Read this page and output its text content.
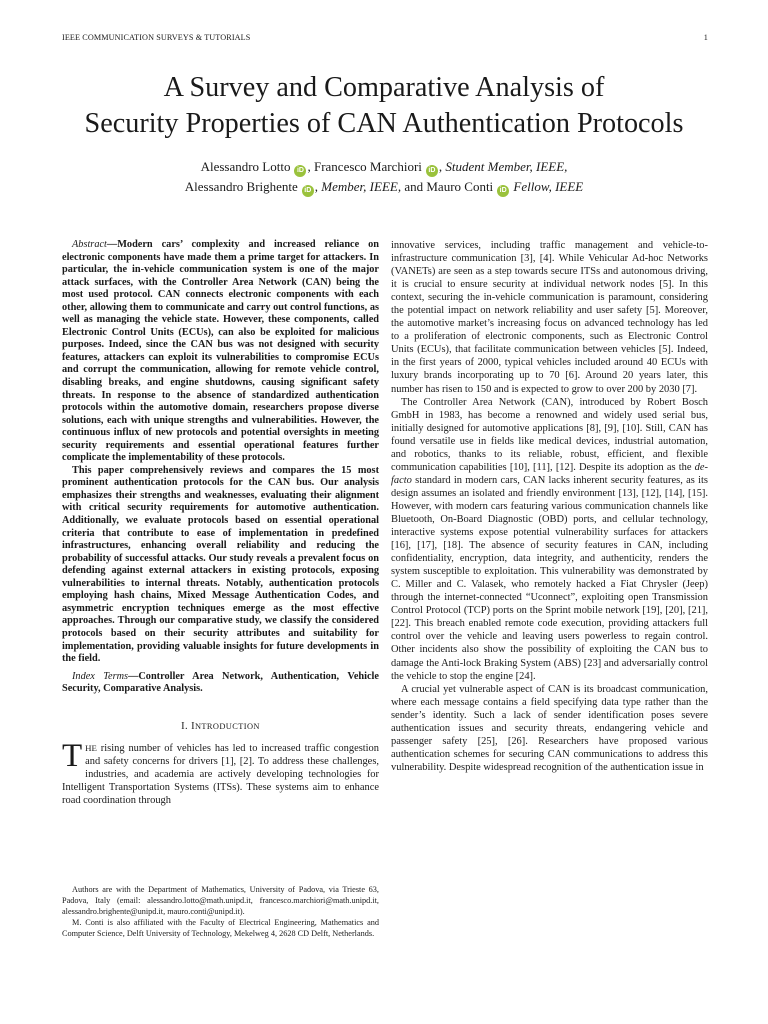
IEEE COMMUNICATION SURVEYS & TUTORIALS	1
A Survey and Comparative Analysis of
Security Properties of CAN Authentication Protocols
Alessandro Lotto iD , Francesco Marchiori iD , Student Member, IEEE,
Alessandro Brighente iD , Member, IEEE, and Mauro Conti iD Fellow, IEEE

Abstract—Modern cars’ complexity and increased reliance on electronic components have made them a prime target for attackers. In particular, the in-vehicle communication system is one of the major attack surfaces, with the Controller Area Network (CAN) being the most used protocol. CAN connects electronic components with each other, allowing them to communicate and carry out control functions, as well as managing the vehicle state. However, these components, called Electronic Control Units (ECUs), can also be exploited for malicious purposes. Indeed, since the CAN bus was not designed with security features, attackers can exploit its vulnerabilities to compromise ECUs and corrupt the communication, allowing for remote vehicle control, disabling breaks, and engine shutdowns, causing significant safety threats. In response to the absence of standardized authentication protocols within the automotive domain, researchers propose diverse solutions, each with unique strengths and vulnerabilities. However, the continuous influx of new protocols and potential oversights in meeting security requirements and essential operational features further complicate the implementability of these protocols.

This paper comprehensively reviews and compares the 15 most prominent authentication protocols for the CAN bus. Our analysis emphasizes their strengths and weaknesses, evaluating their alignment with critical security requirements for automotive authentication. Additionally, we evaluate protocols based on essential operational criteria that contribute to ease of implementation in predefined infrastructures, enhancing overall reliability and reducing the probability of successful attacks. Our study reveals a prevalent focus on defending against external attackers in existing protocols, exposing vulnerabilities to internal threats. Notably, authentication protocols employing hash chains, Mixed Message Authentication Codes, and asymmetric encryption techniques emerge as the most effective approaches. Through our comparative study, we classify the considered protocols based on their security attributes and suitability for implementation, providing valuable insights for future developments in the field.

Index Terms—Controller Area Network, Authentication, Vehicle Security, Comparative Analysis.

I. INTRODUCTION
THE rising number of vehicles has led to increased traffic congestion and safety concerns for drivers [1], [2]. To address these challenges, industries, and academia are actively developing technologies for Intelligent Transportation Systems (ITSs). These systems aim to enhance road coordination through

Authors are with the Department of Mathematics, University of Padova, via Trieste 63, Padova, Italy (email: alessandro.lotto@math.unipd.it, francesco.marchiori@math.unipd.it, alessandro.brighente@unipd.it, mauro.conti@unipd.it).

M. Conti is also affiliated with the Faculty of Electrical Engineering, Mathematics and Computer Science, Delft University of Technology, Mekelweg 4, 2628 CD Delft, Netherlands.

innovative services, including traffic management and vehicle-to-infrastructure communication [3], [4]. While Vehicular Ad-hoc Networks (VANETs) are seen as a step towards secure ITSs and autonomous driving, it is crucial to ensure security at individual network nodes [5]. In this context, securing the in-vehicle communication is paramount, considering the potential impact on network reliability and user safety [5]. Moreover, the automotive market’s increasing focus on advanced technology has led to a proliferation of electronic components, such as Electronic Control Units (ECUs), that facilitate communication between vehicles [5]. Indeed, in the first years of 2000, typical vehicles included around 40 ECUs with luxury brands incorporating up to 70 [6]. Around 20 years later, this number has risen to 150 and is expected to grow to over 200 by 2030 [7].

The Controller Area Network (CAN), introduced by Robert Bosch GmbH in 1983, has become a renowned and widely used serial bus, initially designed for automotive applications [8], [9], [10]. Still, CAN has found versatile use in fields like medical devices, industrial automation, and robotics, thanks to its reliable, robust, efficient, and flexible communication capabilities [10], [11], [12]. Despite its adoption as the de-facto standard in modern cars, CAN lacks inherent security features, as its design assumes an isolated and friendly environment [13], [12], [14], [15]. However, with modern cars featuring various communication channels like Bluetooth, On-Board Diagnostic (OBD) ports, and cellular technology, interactive systems expose potential vulnerability surfaces for attackers [16], [17], [18]. The absence of security features in CAN, including confidentiality, encryption, data integrity, and authenticity, renders the system susceptible to exploitation. This vulnerability was demonstrated by C. Miller and C. Valasek, who remotely hacked a Fiat Chrysler (Jeep) through the internet-connected “Uconnect”, exploiting open Transmission Control Protocol (TCP) ports on the Sprint mobile network [19], [20], [21], [22]. This breach enabled remote code execution, providing attackers full control over the vehicle and leaving users powerless to regain control. Other incidents also show the possibility of exploiting the CAN bus to damage the Anti-lock Braking System (ABS) [23] and adversarially control the vehicle to stop the engine [24].

A crucial yet vulnerable aspect of CAN is its broadcast communication, where each message contains a field specifying data type rather than the sender’s identity. Such a lack of sender identification poses severe authentication issues and security threats, endangering vehicle and passenger safety [25], [26]. Researchers have proposed various authentication schemes for securing CAN communications to address this vulnerability. Despite widespread recognition of the authentication issue in
